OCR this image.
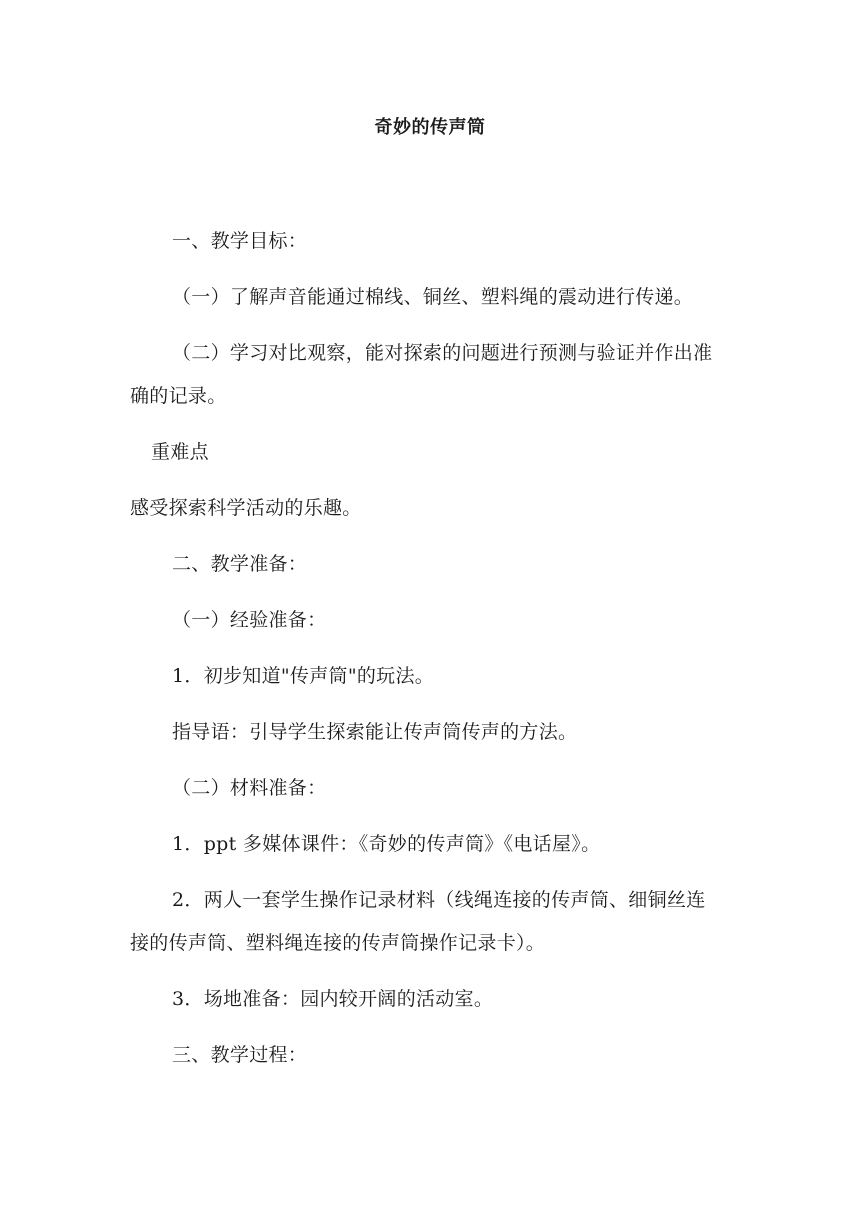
奇妙的传声筒
一、教学目标：
（一）了解声音能通过棉线、铜丝、塑料绳的震动进行传递。
（二）学习对比观察，能对探索的问题进行预测与验证并作出准
确的记录。
重难点
感受探索科学活动的乐趣。
二、教学准备：
（一）经验准备：
1．初步知道"传声筒"的玩法。
指导语：引导学生探索能让传声筒传声的方法。
（二）材料准备：
1．ppt 多媒体课件：《奇妙的传声筒》《电话屋》。
2．两人一套学生操作记录材料（线绳连接的传声筒、细铜丝连
接的传声筒、塑料绳连接的传声筒操作记录卡）。
3．场地准备：园内较开阔的活动室。
三、教学过程：
